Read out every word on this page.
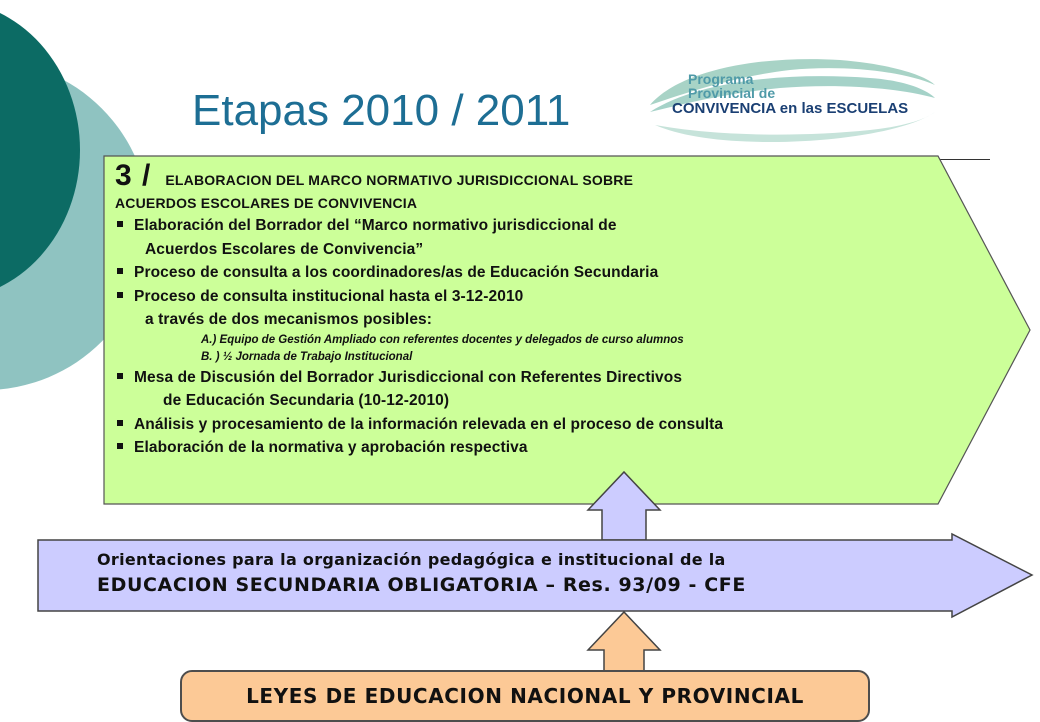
Etapas 2010 / 2011
Programa
Provincial de
CONVIVENCIA en las ESCUELAS
3 / ELABORACION DEL MARCO NORMATIVO JURISDICCIONAL SOBRE
ACUERDOS ESCOLARES DE CONVIVENCIA
Elaboración del Borrador del “Marco normativo jurisdiccional de
Acuerdos Escolares de Convivencia”
Proceso de consulta a los coordinadores/as de Educación Secundaria
Proceso de consulta institucional hasta el 3-12-2010
a través de dos mecanismos posibles:
A.) Equipo de Gestión Ampliado con referentes docentes y delegados de curso alumnos
B. ) ½ Jornada de Trabajo Institucional
Mesa de Discusión del Borrador Jurisdiccional con Referentes Directivos
de Educación Secundaria (10-12-2010)
Análisis y procesamiento de la información relevada en el proceso de consulta
Elaboración de la normativa y aprobación respectiva
Orientaciones para la organización pedagógica e institucional de la
EDUCACION SECUNDARIA OBLIGATORIA – Res. 93/09 - CFE
LEYES DE EDUCACION NACIONAL Y PROVINCIAL
